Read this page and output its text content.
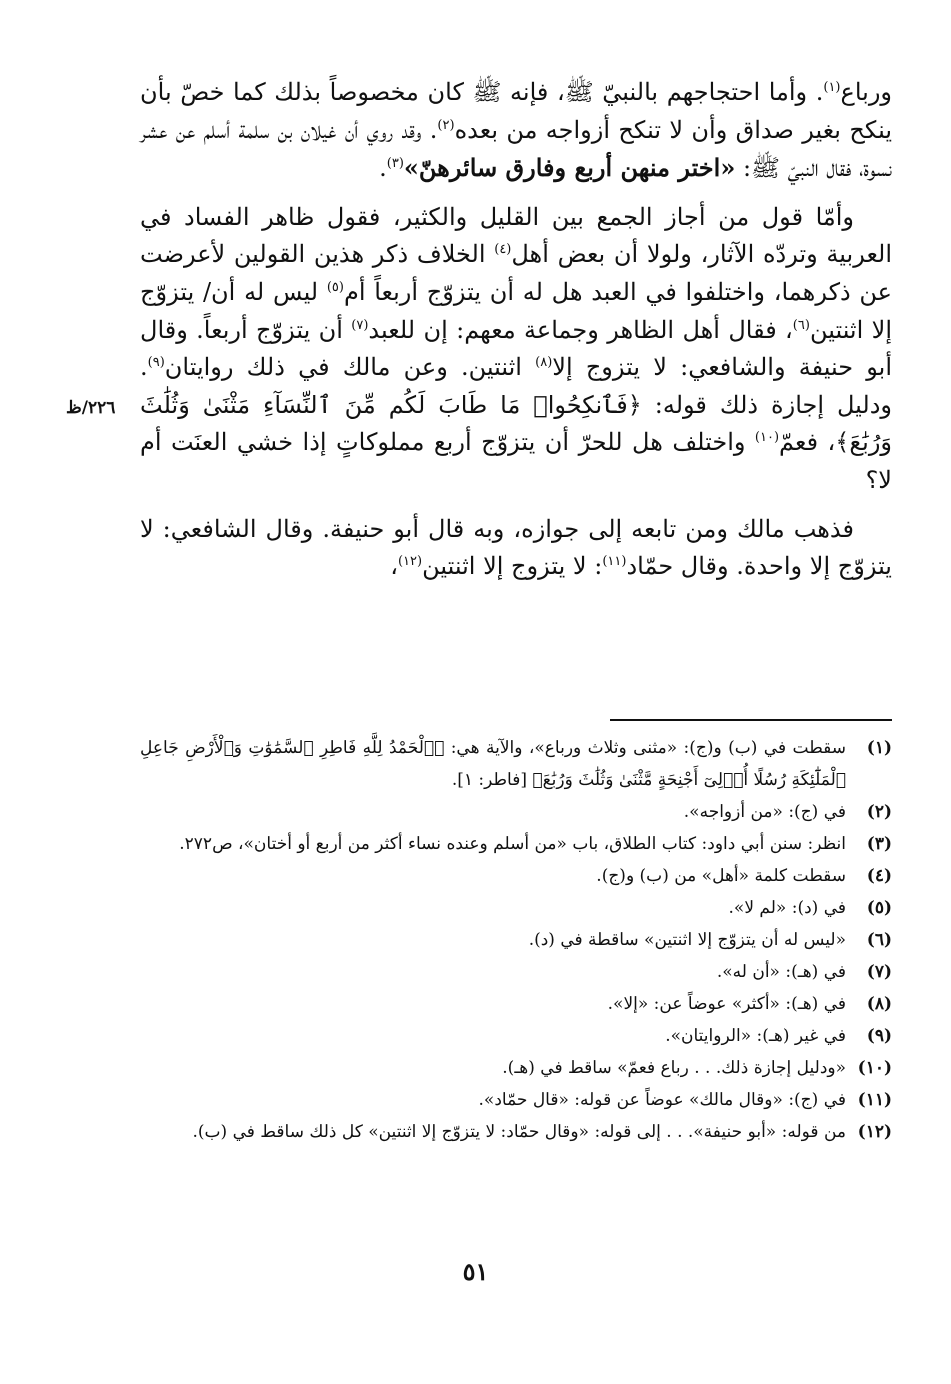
ورباع$^{(١)}$. وأما احتجاجهم بالنبيّ ﷺ، فإنه ﷺ كان مخصوصاً بذلك كما خصّ بأن ينكح بغير صداق وأن لا تنكح أزواجه من بعده$^{(٢)}$. وقد روي أن غيلان بن سلمة أسلم عن عشر نسوة، فقال النبيّ ﷺ: «اختر منهن أربع وفارق سائرهنّ»$^{(٣)}$.

وأمّا قول من أجاز الجمع بين القليل والكثير، فقول ظاهر الفساد في العربية وتردّه الآثار، ولولا أن بعض أهل$^{(٤)}$ الخلاف ذكر هذين القولين لأعرضت عن ذكرهما، واختلفوا في العبد هل له أن يتزوّج أربعاً أم$^{(٥)}$ ليس له أن/ يتزوّج إلا اثنتين$^{(٦)}$، فقال أهل الظاهر وجماعة معهم: إن للعبد$^{(٧)}$ أن يتزوّج أربعاً. وقال أبو حنيفة والشافعي: لا يتزوج إلا$^{(٨)}$ اثنتين. وعن مالك في ذلك روايتان$^{(٩)}$. ودليل إجازة ذلك قوله: ﴿فَٱنكِحُوا۟ مَا طَابَ لَكُم مِّنَ ٱلنِّسَآءِ مَثْنَىٰ وَثُلَٰثَ وَرُبَٰعَ﴾، فعمّ$^{(١٠)}$ واختلف هل للحرّ أن يتزوّج أربع مملوكاتٍ إذا خشي العنَت أم لا؟

فذهب مالك ومن تابعه إلى جوازه، وبه قال أبو حنيفة. وقال الشافعي: لا يتزوّج إلا واحدة. وقال حمّاد$^{(١١)}$: لا يتزوج إلا اثنتين$^{(١٢)}$،

٢٢٦/ظ
(١)
سقطت في (ب) و(ج): «مثنى وثلاث ورباع»، والآية هي: ﴿ٱلْحَمْدُ لِلَّهِ فَاطِرِ ٱلسَّمَٰوَٰتِ وَٱلْأَرْضِ جَاعِلِ ٱلْمَلَٰٓئِكَةِ رُسُلًا أُو۟لِىٓ أَجْنِحَةٍ مَّثْنَىٰ وَثُلَٰثَ وَرُبَٰعَ﴾ [فاطر: ١].
(٢)
في (ج): «من أزواجه».
(٣)
انظر: سنن أبي داود: كتاب الطلاق، باب «من أسلم وعنده نساء أكثر من أربع أو أختان»، ص٢٧٢.
(٤)
سقطت كلمة «أهل» من (ب) و(ج).
(٥)
في (د): «لم لا».
(٦)
«ليس له أن يتزوّج إلا اثنتين» ساقطة في (د).
(٧)
في (هـ): «أن له».
(٨)
في (هـ): «أكثر» عوضاً عن: «إلا».
(٩)
في غير (هـ): «الروايتان».
(١٠)
«ودليل إجازة ذلك. . . رباع فعمّ» ساقط في (هـ).
(١١)
في (ج): «وقال مالك» عوضاً عن قوله: «قال حمّاد».
(١٢)
من قوله: «أبو حنيفة». . . إلى قوله: «وقال حمّاد: لا يتزوّج إلا اثنتين» كل ذلك ساقط في (ب).
٥١
